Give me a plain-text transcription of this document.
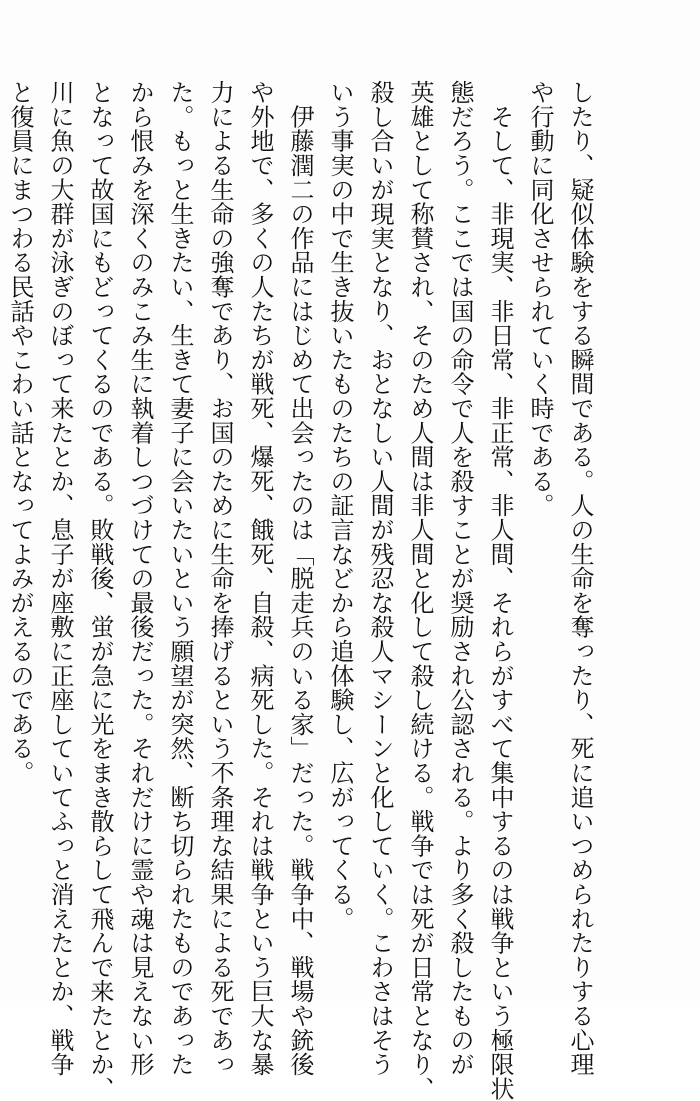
したり、疑似体験をする瞬間である。人の生命を奪ったり、死に追いつめられたりする心理
や行動に同化させられていく時である。
　そして、非現実、非日常、非正常、非人間、それらがすべて集中するのは戦争という極限状
態だろう。ここでは国の命令で人を殺すことが奨励され公認される。より多く殺したものが
英雄として称賛され、そのため人間は非人間と化して殺し続ける。戦争では死が日常となり、
殺し合いが現実となり、おとなしい人間が残忍な殺人マシーンと化していく。こわさはそう
いう事実の中で生き抜いたものたちの証言などから追体験し、広がってくる。
　伊藤潤二の作品にはじめて出会ったのは「脱走兵のいる家」だった。戦争中、戦場や銃後
や外地で、多くの人たちが戦死、爆死、餓死、自殺、病死した。それは戦争という巨大な暴
力による生命の強奪であり、お国のために生命を捧げるという不条理な結果による死であっ
た。もっと生きたい、生きて妻子に会いたいという願望が突然、断ち切られたものであった
から恨みを深くのみこみ生に執着しつづけての最後だった。それだけに霊や魂は見えない形
となって故国にもどってくるのである。敗戦後、蛍が急に光をまき散らして飛んで来たとか、
川に魚の大群が泳ぎのぼって来たとか、息子が座敷に正座していてふっと消えたとか、戦争
と復員にまつわる民話やこわい話となってよみがえるのである。
